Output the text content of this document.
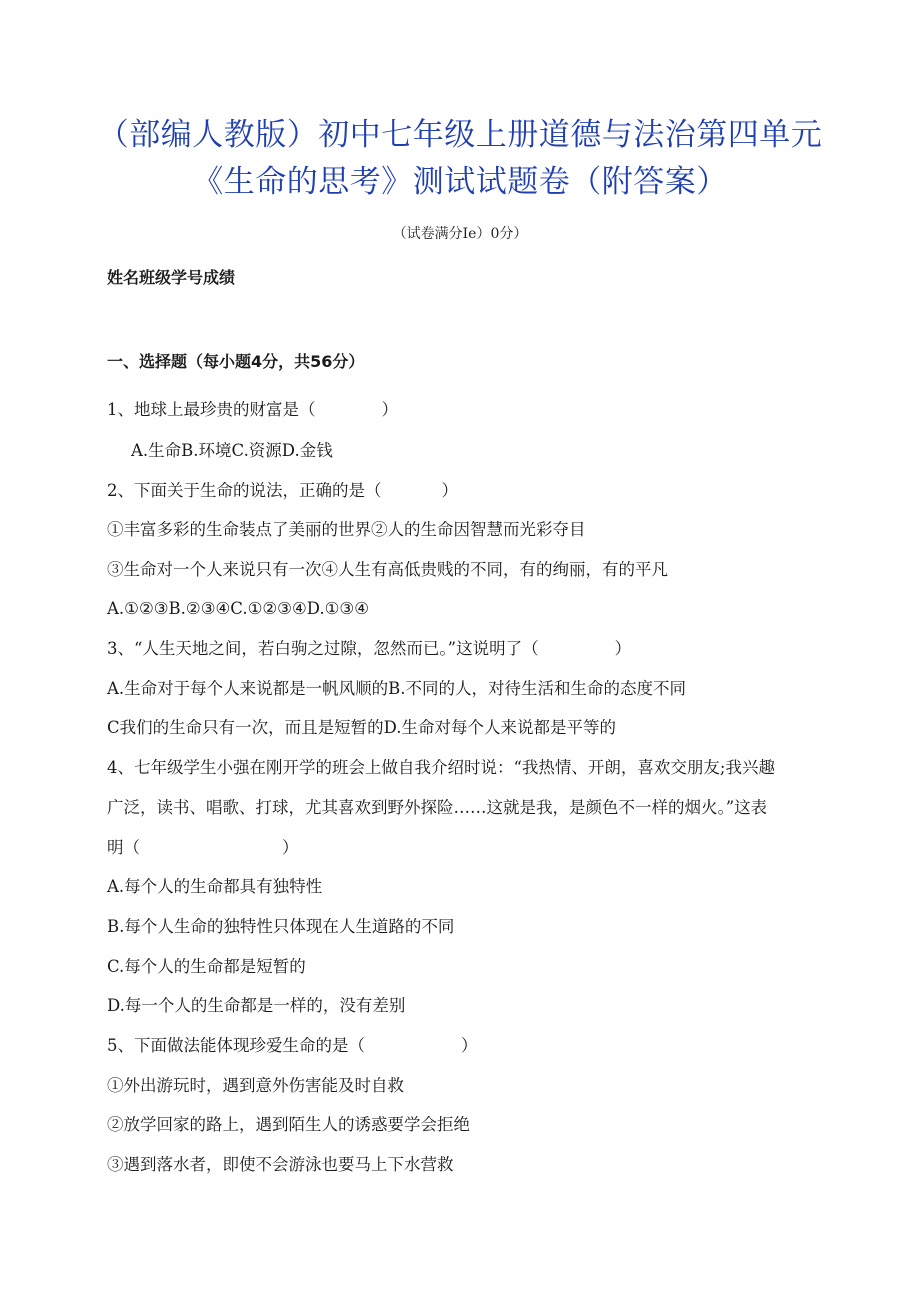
（部编人教版）初中七年级上册道德与法治第四单元
《生命的思考》测试试题卷（附答案）
（试卷满分Ie）0分）
姓名班级学号成绩
一、选择题（每小题4分，共56分）
1、地球上最珍贵的财富是（	）
A.生命B.环境C.资源D.金钱
2、下面关于生命的说法，正确的是（	）
①丰富多彩的生命装点了美丽的世界②人的生命因智慧而光彩夺目
③生命对一个人来说只有一次④人生有高低贵贱的不同，有的绚丽，有的平凡
A.①②③B.②③④C.①②③④D.①③④
3、“人生天地之间，若白驹之过隙，忽然而已。”这说明了（	）
A.生命对于每个人来说都是一帆风顺的B.不同的人，对待生活和生命的态度不同
C我们的生命只有一次，而且是短暂的D.生命对每个人来说都是平等的
4、七年级学生小强在刚开学的班会上做自我介绍时说：“我热情、开朗，喜欢交朋友;我兴趣
广泛，读书、唱歌、打球，尤其喜欢到野外探险……这就是我，是颜色不一样的烟火。”这表
明（	）
A.每个人的生命都具有独特性
B.每个人生命的独特性只体现在人生道路的不同
C.每个人的生命都是短暂的
D.每一个人的生命都是一样的，没有差别
5、下面做法能体现珍爱生命的是（	）
①外出游玩时，遇到意外伤害能及时自救
②放学回家的路上，遇到陌生人的诱惑要学会拒绝
③遇到落水者，即使不会游泳也要马上下水营救
